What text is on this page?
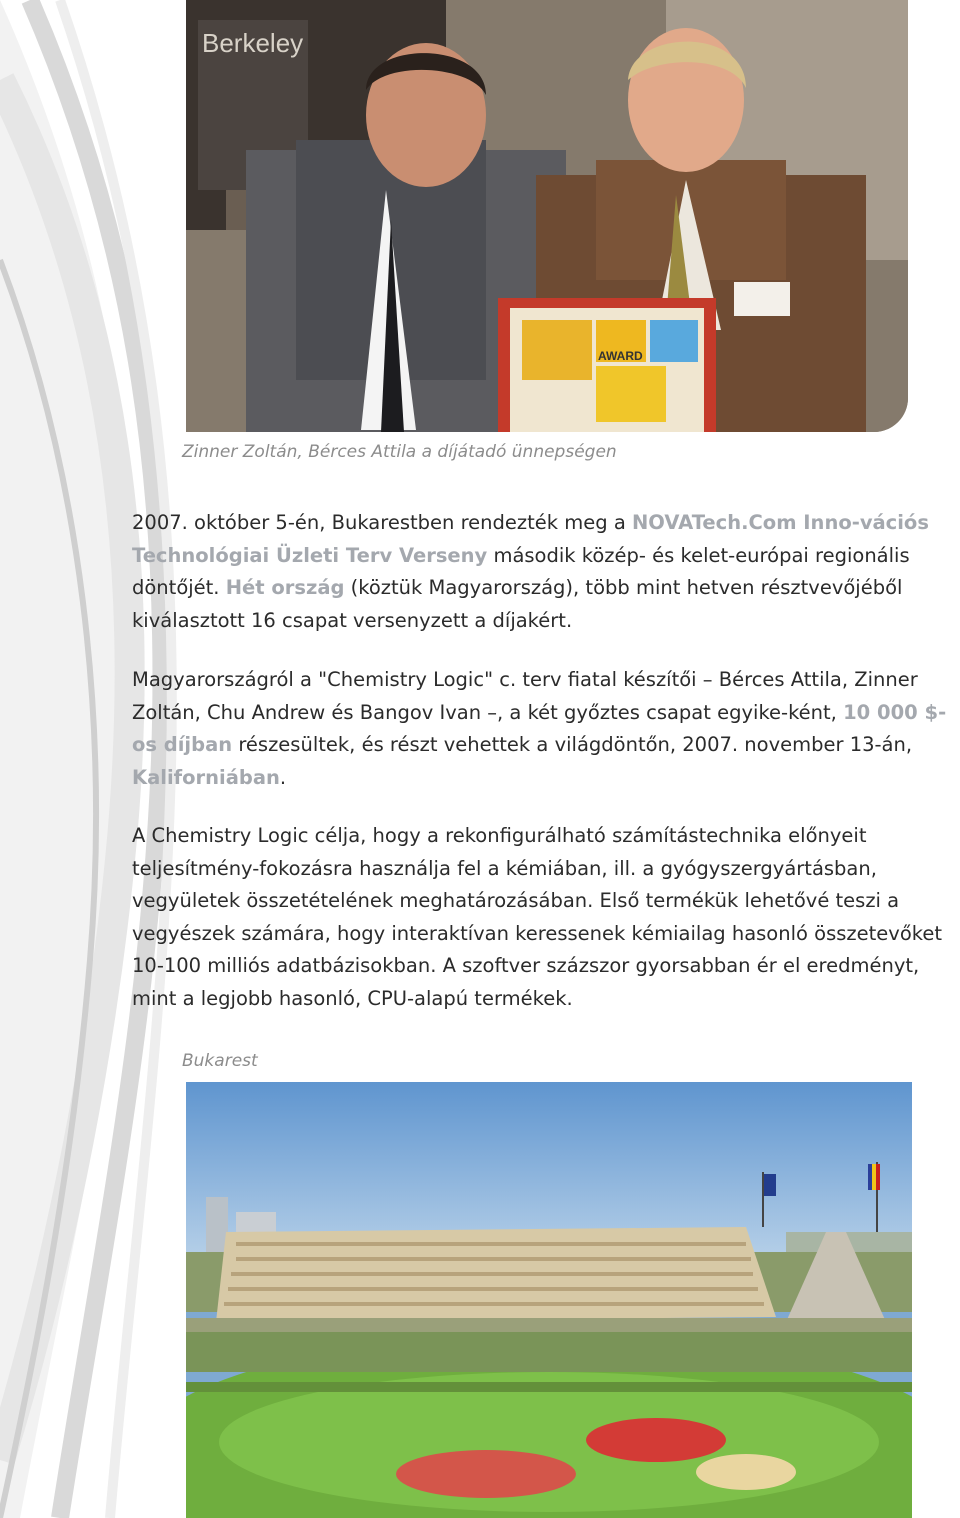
Berkeley
AWARD

Zinner Zoltán, Bérces Attila a díjátadó ünnepségen

2007. október 5-én, Bukarestben rendezték meg a NOVATech.Com Inno-vációs Technológiai Üzleti Terv Verseny második közép- és kelet-európai regionális döntőjét. Hét ország (köztük Magyarország), több mint hetven résztvevőjéből kiválasztott 16 csapat versenyzett a díjakért.

Magyarországról a "Chemistry Logic" c. terv fiatal készítői – Bérces Attila, Zinner Zoltán, Chu Andrew és Bangov Ivan –, a két győztes csapat egyike-ként, 10 000 $-os díjban részesültek, és részt vehettek a világdöntőn, 2007. november 13-án, Kaliforniában.

A Chemistry Logic célja, hogy a rekonfigurálható számítástechnika előnyeit teljesítmény-fokozásra használja fel a kémiában, ill. a gyógyszergyártásban, vegyületek összetételének meghatározásában. Első termékük lehetővé teszi a vegyészek számára, hogy interaktívan keressenek kémiailag hasonló összetevőket 10-100 milliós adatbázisokban. A szoftver százszor gyorsabban ér el eredményt, mint a legjobb hasonló, CPU-alapú termékek.

Bukarest
